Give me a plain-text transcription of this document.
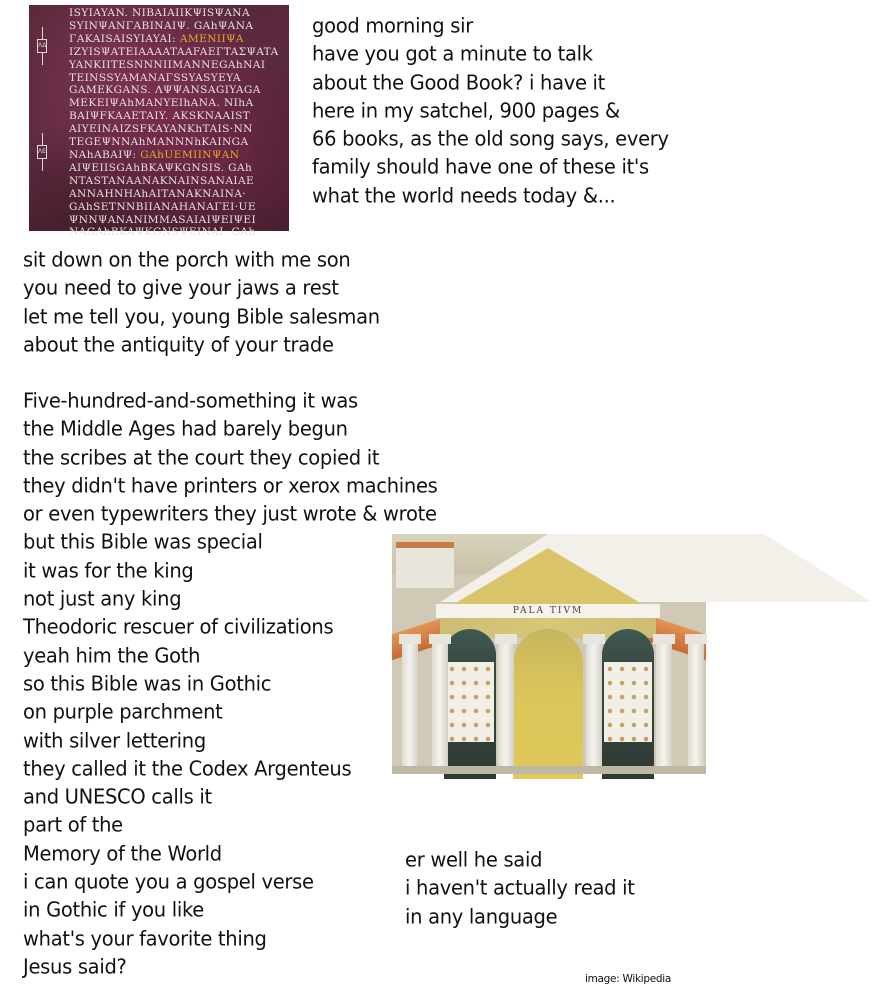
ΛΔ
ΛΕ
ISYIAYAN. NIBAIAIIKΨISΨANA
SYINΨANΓABINAIΨ. GAhΨANA
ΓAKAISAISYIAYAI: AMENIIΨA
IZYISΨATEIAAAATAAFAEΓTAΣΨATA
YANKIIТESNNNIIMANNEGAhNAI
TEINSSYAMANAΓSSYASYEYA
GAMEKGANS. ΛΨΨANSAGIYAGA
MEKEIΨAhMANYEIhANA. NIhA
BAIΨFKAAETAIY. AKSKNAAIST
AIYEINAIZSFKAYANKhTAIS·NN
TEGEΨNNAhMANNNhKAINGA
NAhABAIΨ: GAhUEMIINΨAN
AIΨEIISGAhBKAΨKGNSIS. GAh
NTASTANAANAKNAINSANAIAE
ANNAHNHAhAITANAKNAINA·
GAhSETNNBIIANAHANAΓEI·UE
ΨNNΨANANIMMASAIAIΨEIΨEI
NAGAhBKAΨKGNSΨEINAI· GAh
good morning sir
have you got a minute to talk
about the Good Book? i have it
here in my satchel, 900 pages &
66 books, as the old song says, every
family should have one of these it's
what the world needs today &...
sit down on the porch with me son
you need to give your jaws a rest
let me tell you, young Bible salesman
about the antiquity of your trade
Five-hundred-and-something it was
the Middle Ages had barely begun
the scribes at the court they copied it
they didn't have printers or xerox machines
or even typewriters they just wrote & wrote
but this Bible was special
it was for the king
not just any king
Theodoric rescuer of civilizations
yeah him the Goth
so this Bible was in Gothic
on purple parchment
with silver lettering
they called it the Codex Argenteus
and UNESCO calls it
part of the
Memory of the World
i can quote you a gospel verse
in Gothic if you like
what's your favorite thing
Jesus said?
PALA TIVM
er well he said
i haven't actually read it
in any language
image: Wikipedia
